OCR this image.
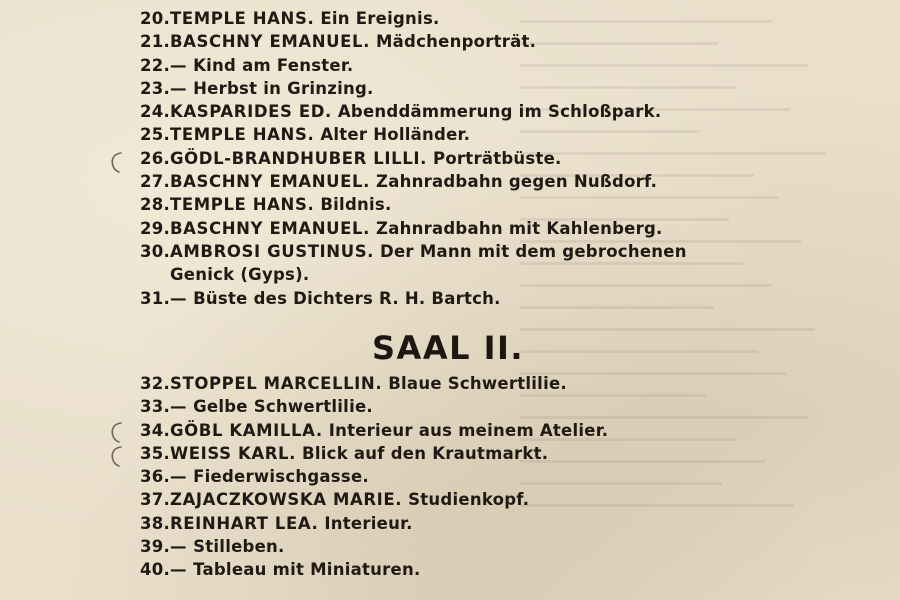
20 . TEMPLE HANS. Ein Ereignis.
21 . BASCHNY EMANUEL. Mädchenporträt.
22 . — Kind am Fenster.
23 . — Herbst in Grinzing.
24 . KASPARIDES ED. Abenddämmerung im Schloßpark.
25 . TEMPLE HANS. Alter Holländer.
26 . GÖDL-BRANDHUBER LILLI. Porträtbüste.
27 . BASCHNY EMANUEL. Zahnradbahn gegen Nußdorf.
28 . TEMPLE HANS. Bildnis.
29 . BASCHNY EMANUEL. Zahnradbahn mit Kahlenberg.
30 . AMBROSI GUSTINUS. Der Mann mit dem gebrochenen
Genick (Gyps).
31 . — Büste des Dichters R. H. Bartch.
SAAL II.
32 . STOPPEL MARCELLIN. Blaue Schwertlilie.
33 . — Gelbe Schwertlilie.
34 . GÖBL KAMILLA. Interieur aus meinem Atelier.
35 . WEISS KARL. Blick auf den Krautmarkt.
36 . — Fiederwischgasse.
37 . ZAJACZKOWSKA MARIE. Studienkopf.
38 . REINHART LEA. Interieur.
39 . — Stilleben.
40 . — Tableau mit Miniaturen.
